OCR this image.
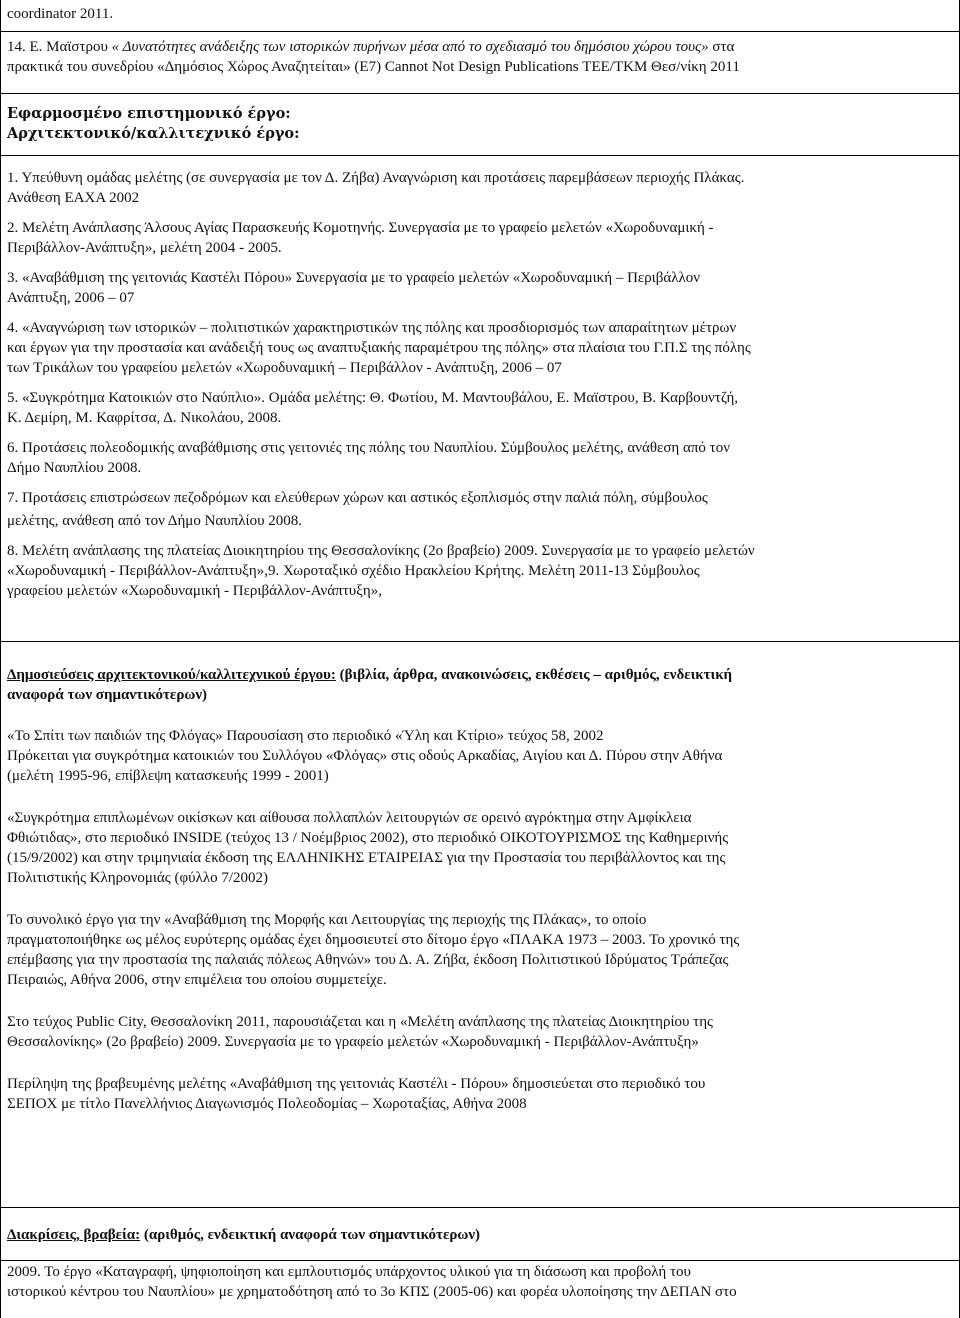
coordinator 2011.
14. Ε. Μαϊστρου « Δυνατότητες ανάδειξης των ιστορικών πυρήνων μέσα από το σχεδιασμό του δημόσιου χώρου τους» στα
πρακτικά του συνεδρίου «Δημόσιος Χώρος Αναζητείται» (Ε7) Cannot Not Design Publications ΤΕΕ/ΤΚΜ Θεσ/νίκη 2011
Εφαρμοσμένο επιστημονικό έργο:
Αρχιτεκτονικό/καλλιτεχνικό έργο:
1. Υπεύθυνη ομάδας μελέτης (σε συνεργασία με τον Δ. Ζήβα) Αναγνώριση και προτάσεις παρεμβάσεων περιοχής Πλάκας.
Ανάθεση ΕΑΧΑ 2002
2. Μελέτη Ανάπλασης Άλσους Αγίας Παρασκευής Κομοτηνής. Συνεργασία με το γραφείο μελετών «Χωροδυναμική -
Περιβάλλον-Ανάπτυξη», μελέτη 2004 - 2005.
3. «Αναβάθμιση της γειτονιάς Καστέλι Πόρου» Συνεργασία με το γραφείο μελετών «Χωροδυναμική – Περιβάλλον
Ανάπτυξη, 2006 – 07
4. «Αναγνώριση των ιστορικών – πολιτιστικών χαρακτηριστικών της πόλης και προσδιορισμός των απαραίτητων μέτρων
και έργων για την προστασία και ανάδειξή τους ως αναπτυξιακής παραμέτρου της πόλης» στα πλαίσια του Γ.Π.Σ της πόλης
των Τρικάλων του γραφείου μελετών «Χωροδυναμική – Περιβάλλον - Ανάπτυξη, 2006 – 07
5. «Συγκρότημα Κατοικιών στο Ναύπλιο». Ομάδα μελέτης: Θ. Φωτίου, Μ. Μαντουβάλου, Ε. Μαϊστρου, Β. Καρβουντζή,
Κ. Δεμίρη, Μ. Καφρίτσα, Δ. Νικολάου, 2008.
6. Προτάσεις πολεοδομικής αναβάθμισης στις γειτονιές της πόλης του Ναυπλίου. Σύμβουλος μελέτης, ανάθεση από τον
Δήμο Ναυπλίου 2008.
7. Προτάσεις επιστρώσεων πεζοδρόμων και ελεύθερων χώρων και αστικός εξοπλισμός στην παλιά πόλη, σύμβουλος
μελέτης, ανάθεση από τον Δήμο Ναυπλίου 2008.
8. Μελέτη ανάπλασης της πλατείας Διοικητηρίου της Θεσσαλονίκης (2ο βραβείο) 2009. Συνεργασία με το γραφείο μελετών
«Χωροδυναμική - Περιβάλλον-Ανάπτυξη»,9. Χωροταξικό σχέδιο Ηρακλείου Κρήτης. Μελέτη 2011-13 Σύμβουλος
γραφείου μελετών «Χωροδυναμική - Περιβάλλον-Ανάπτυξη»,
Δημοσιεύσεις αρχιτεκτονικού/καλλιτεχνικού έργου: (βιβλία, άρθρα, ανακοινώσεις, εκθέσεις – αριθμός, ενδεικτική
αναφορά των σημαντικότερων)
«Το Σπίτι των παιδιών της Φλόγας» Παρουσίαση στο περιοδικό «Ύλη και Κτίριο» τεύχος 58, 2002
Πρόκειται για συγκρότημα κατοικιών του Συλλόγου «Φλόγας» στις οδούς Αρκαδίας, Αιγίου και Δ. Πύρου στην Αθήνα
(μελέτη 1995-96, επίβλεψη κατασκευής 1999 - 2001)
«Συγκρότημα επιπλωμένων οικίσκων και αίθουσα πολλαπλών λειτουργιών σε ορεινό αγρόκτημα στην Αμφίκλεια
Φθιώτιδας», στο περιοδικό INSIDE (τεύχος 13 / Νοέμβριος 2002), στο περιοδικό ΟΙΚΟΤΟΥΡΙΣΜΟΣ της Καθημερινής
(15/9/2002) και στην τριμηνιαία έκδοση της ΕΛΛΗΝΙΚΗΣ ΕΤΑΙΡΕΙΑΣ για την Προστασία του περιβάλλοντος και της
Πολιτιστικής Κληρονομιάς (φύλλο 7/2002)
Το συνολικό έργο για την «Αναβάθμιση της Μορφής και Λειτουργίας της περιοχής της Πλάκας», το οποίο
πραγματοποιήθηκε ως μέλος ευρύτερης ομάδας έχει δημοσιευτεί στο δίτομο έργο «ΠΛΑΚΑ 1973 – 2003. Το χρονικό της
επέμβασης για την προστασία της παλαιάς πόλεως Αθηνών» του Δ. Α. Ζήβα, έκδοση Πολιτιστικού Ιδρύματος Τράπεζας
Πειραιώς, Αθήνα 2006, στην επιμέλεια του οποίου συμμετείχε.
Στο τεύχος Public City, Θεσσαλονίκη 2011, παρουσιάζεται και η «Μελέτη ανάπλασης της πλατείας Διοικητηρίου της
Θεσσαλονίκης» (2ο βραβείο) 2009. Συνεργασία με το γραφείο μελετών «Χωροδυναμική - Περιβάλλον-Ανάπτυξη»
Περίληψη της βραβευμένης μελέτης «Αναβάθμιση της γειτονιάς Καστέλι - Πόρου» δημοσιεύεται στο περιοδικό του
ΣΕΠΟΧ με τίτλο Πανελλήνιος Διαγωνισμός Πολεοδομίας – Χωροταξίας, Αθήνα 2008
Διακρίσεις, βραβεία: (αριθμός, ενδεικτική αναφορά των σημαντικότερων)
2009. Το έργο «Καταγραφή, ψηφιοποίηση και εμπλουτισμός υπάρχοντος υλικού για τη διάσωση και προβολή του
ιστορικού κέντρου του Ναυπλίου» με χρηματοδότηση από το 3ο ΚΠΣ (2005-06) και φορέα υλοποίησης την ΔΕΠΑΝ στο
